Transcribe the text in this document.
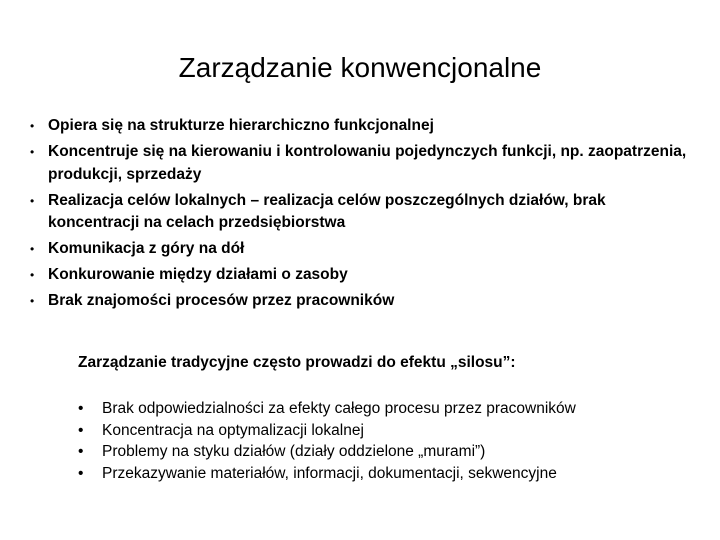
Zarządzanie konwencjonalne
• Opiera się na strukturze hierarchiczno funkcjonalnej
• Koncentruje się na kierowaniu i kontrolowaniu pojedynczych funkcji, np. zaopatrzenia, produkcji, sprzedaży
• Realizacja celów lokalnych – realizacja celów poszczególnych działów, brak koncentracji na celach przedsiębiorstwa
• Komunikacja z góry na dół
• Konkurowanie między działami o zasoby
• Brak znajomości procesów przez pracowników
Zarządzanie tradycyjne często prowadzi do efektu „silosu”:
• Brak odpowiedzialności za efekty całego procesu przez pracowników
• Koncentracja na optymalizacji lokalnej
• Problemy na styku działów (działy oddzielone „murami”)
• Przekazywanie materiałów, informacji, dokumentacji, sekwencyjne
